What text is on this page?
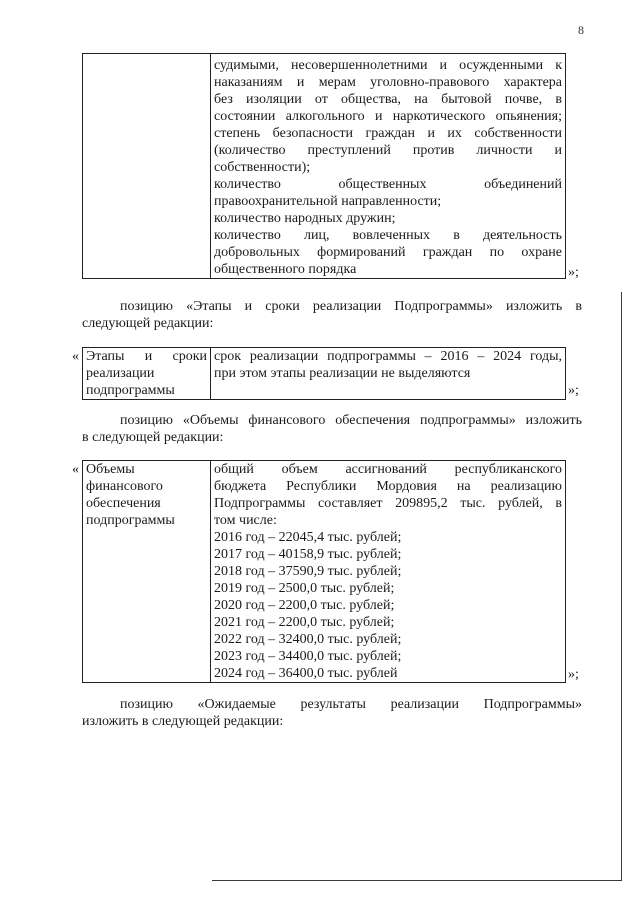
8
судимыми, несовершеннолетними и осужденными к
наказаниям и мерам уголовно-правового характера
без изоляции от общества, на бытовой почве, в
состоянии алкогольного и наркотического опьянения;
степень безопасности граждан и их собственности
(количество преступлений против личности и
собственности);
количество общественных объединений
правоохранительной направленности;
количество народных дружин;
количество лиц, вовлеченных в деятельность
добровольных формирований граждан по охране
общественного порядка	»;
позицию «Этапы и сроки реализации Подпрограммы» изложить в
следующей редакции:
« Этапы и сроки
реализации
подпрограммы
срок реализации подпрограммы – 2016 – 2024 годы,
при этом этапы реализации не выделяются
»;
позицию «Объемы финансового обеспечения подпрограммы» изложить
в следующей редакции:
« Объемы
финансового
обеспечения
подпрограммы
общий объем ассигнований республиканского
бюджета Республики Мордовия на реализацию
Подпрограммы составляет 209895,2 тыс. рублей, в
том числе:
2016 год – 22045,4 тыс. рублей;
2017 год – 40158,9 тыс. рублей;
2018 год – 37590,9 тыс. рублей;
2019 год – 2500,0 тыс. рублей;
2020 год – 2200,0 тыс. рублей;
2021 год – 2200,0 тыс. рублей;
2022 год – 32400,0 тыс. рублей;
2023 год – 34400,0 тыс. рублей;
2024 год – 36400,0 тыс. рублей	»;
позицию «Ожидаемые результаты реализации Подпрограммы»
изложить в следующей редакции:
